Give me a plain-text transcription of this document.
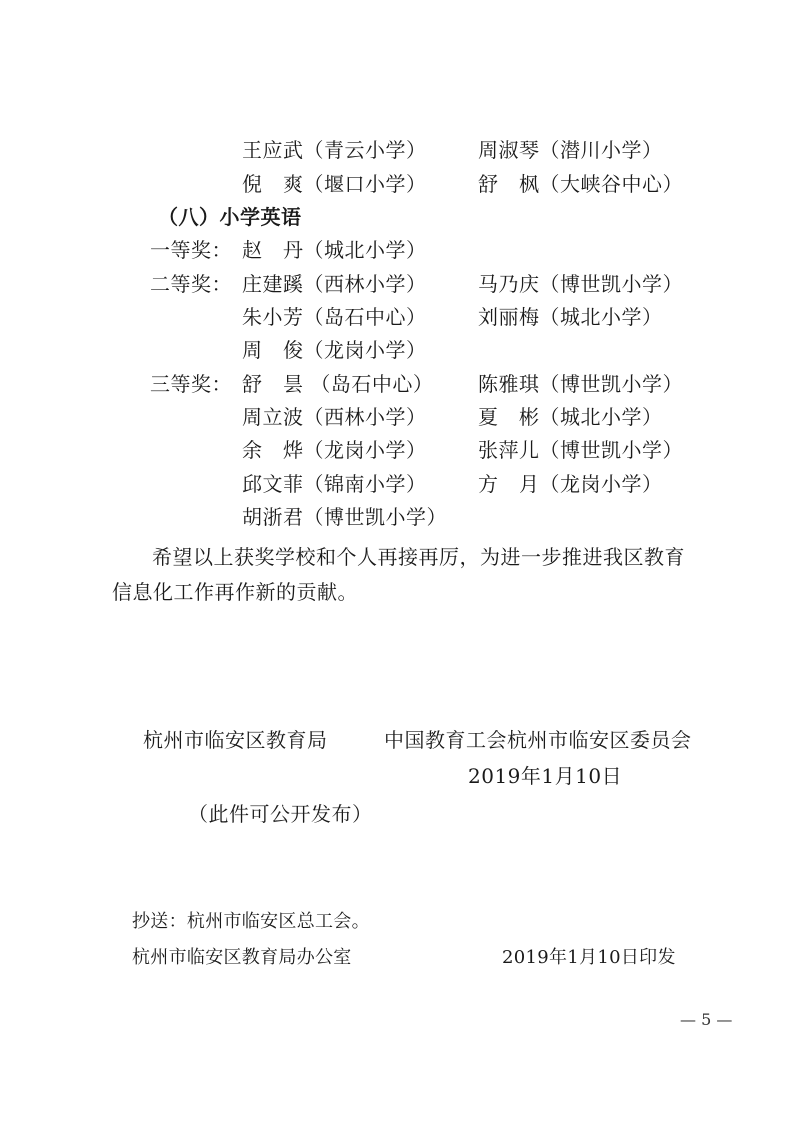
王应武（青云小学）	周淑琴（潜川小学）
倪　爽（堰口小学）	舒　枫（大峡谷中心）
（八）小学英语
一等奖： 赵　丹（城北小学）
二等奖： 庄建蹊（西林小学）	马乃庆（博世凯小学）
朱小芳（岛石中心）	刘丽梅（城北小学）
周　俊（龙岗小学）
三等奖： 舒　昙 （岛石中心） 陈雅琪（博世凯小学）
周立波（西林小学）	夏　彬（城北小学）
余　烨（龙岗小学）	张萍儿（博世凯小学）
邱文菲（锦南小学）	方　月（龙岗小学）
胡浙君（博世凯小学）
希望以上获奖学校和个人再接再厉，为进一步推进我区教育
信息化工作再作新的贡献。
杭州市临安区教育局	中国教育工会杭州市临安区委员会
2019年1月10日
（此件可公开发布）
抄送：杭州市临安区总工会。
杭州市临安区教育局办公室	2019年1月10日印发
— 5 —
